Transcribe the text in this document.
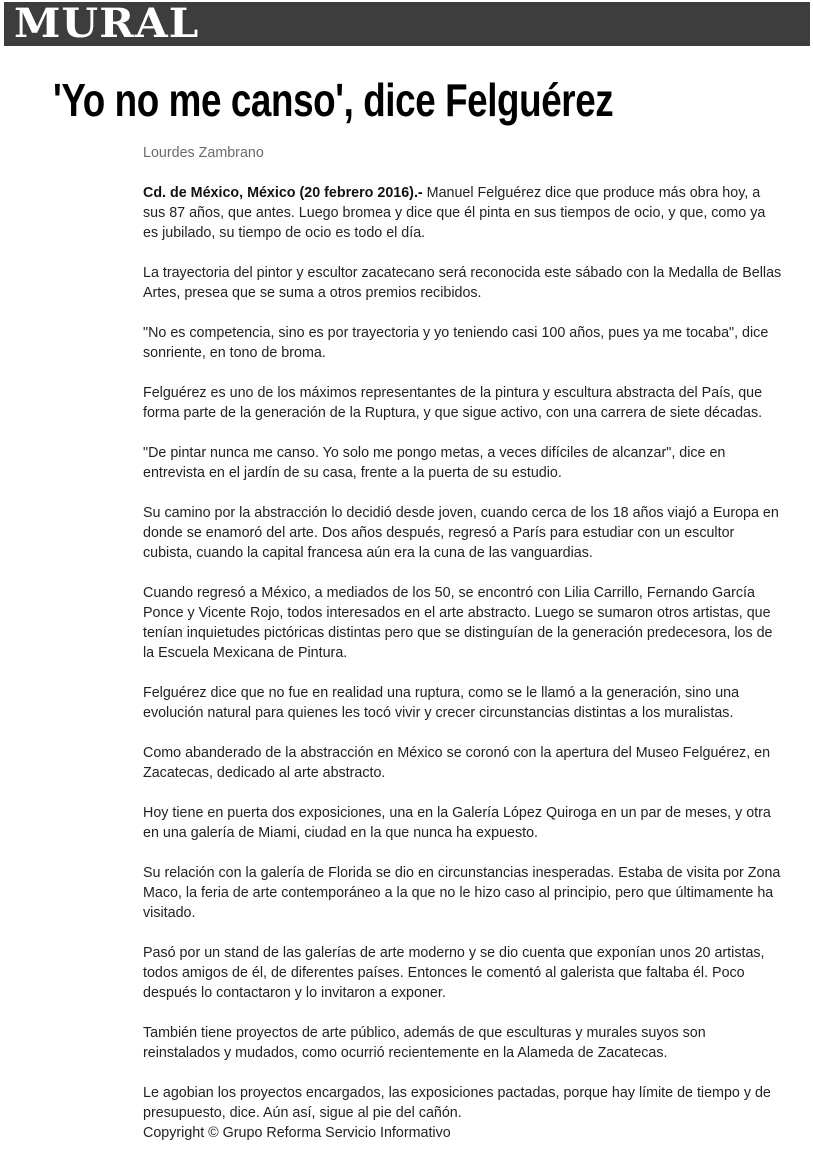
MURAL
'Yo no me canso', dice Felguérez

Lourdes Zambrano

Cd. de México, México (20 febrero 2016).- Manuel Felguérez dice que produce más obra hoy, a sus 87 años, que antes. Luego bromea y dice que él pinta en sus tiempos de ocio, y que, como ya es jubilado, su tiempo de ocio es todo el día.

La trayectoria del pintor y escultor zacatecano será reconocida este sábado con la Medalla de Bellas Artes, presea que se suma a otros premios recibidos.

"No es competencia, sino es por trayectoria y yo teniendo casi 100 años, pues ya me tocaba", dice sonriente, en tono de broma.

Felguérez es uno de los máximos representantes de la pintura y escultura abstracta del País, que forma parte de la generación de la Ruptura, y que sigue activo, con una carrera de siete décadas.

"De pintar nunca me canso. Yo solo me pongo metas, a veces difíciles de alcanzar", dice en entrevista en el jardín de su casa, frente a la puerta de su estudio.

Su camino por la abstracción lo decidió desde joven, cuando cerca de los 18 años viajó a Europa en donde se enamoró del arte. Dos años después, regresó a París para estudiar con un escultor cubista, cuando la capital francesa aún era la cuna de las vanguardias.

Cuando regresó a México, a mediados de los 50, se encontró con Lilia Carrillo, Fernando García Ponce y Vicente Rojo, todos interesados en el arte abstracto. Luego se sumaron otros artistas, que tenían inquietudes pictóricas distintas pero que se distinguían de la generación predecesora, los de la Escuela Mexicana de Pintura.

Felguérez dice que no fue en realidad una ruptura, como se le llamó a la generación, sino una evolución natural para quienes les tocó vivir y crecer circunstancias distintas a los muralistas.

Como abanderado de la abstracción en México se coronó con la apertura del Museo Felguérez, en Zacatecas, dedicado al arte abstracto.

Hoy tiene en puerta dos exposiciones, una en la Galería López Quiroga en un par de meses, y otra en una galería de Miami, ciudad en la que nunca ha expuesto.

Su relación con la galería de Florida se dio en circunstancias inesperadas. Estaba de visita por Zona Maco, la feria de arte contemporáneo a la que no le hizo caso al principio, pero que últimamente ha visitado.

Pasó por un stand de las galerías de arte moderno y se dio cuenta que exponían unos 20 artistas, todos amigos de él, de diferentes países. Entonces le comentó al galerista que faltaba él. Poco después lo contactaron y lo invitaron a exponer.

También tiene proyectos de arte público, además de que esculturas y murales suyos son reinstalados y mudados, como ocurrió recientemente en la Alameda de Zacatecas.

Le agobian los proyectos encargados, las exposiciones pactadas, porque hay límite de tiempo y de presupuesto, dice. Aún así, sigue al pie del cañón.

Copyright © Grupo Reforma Servicio Informativo
